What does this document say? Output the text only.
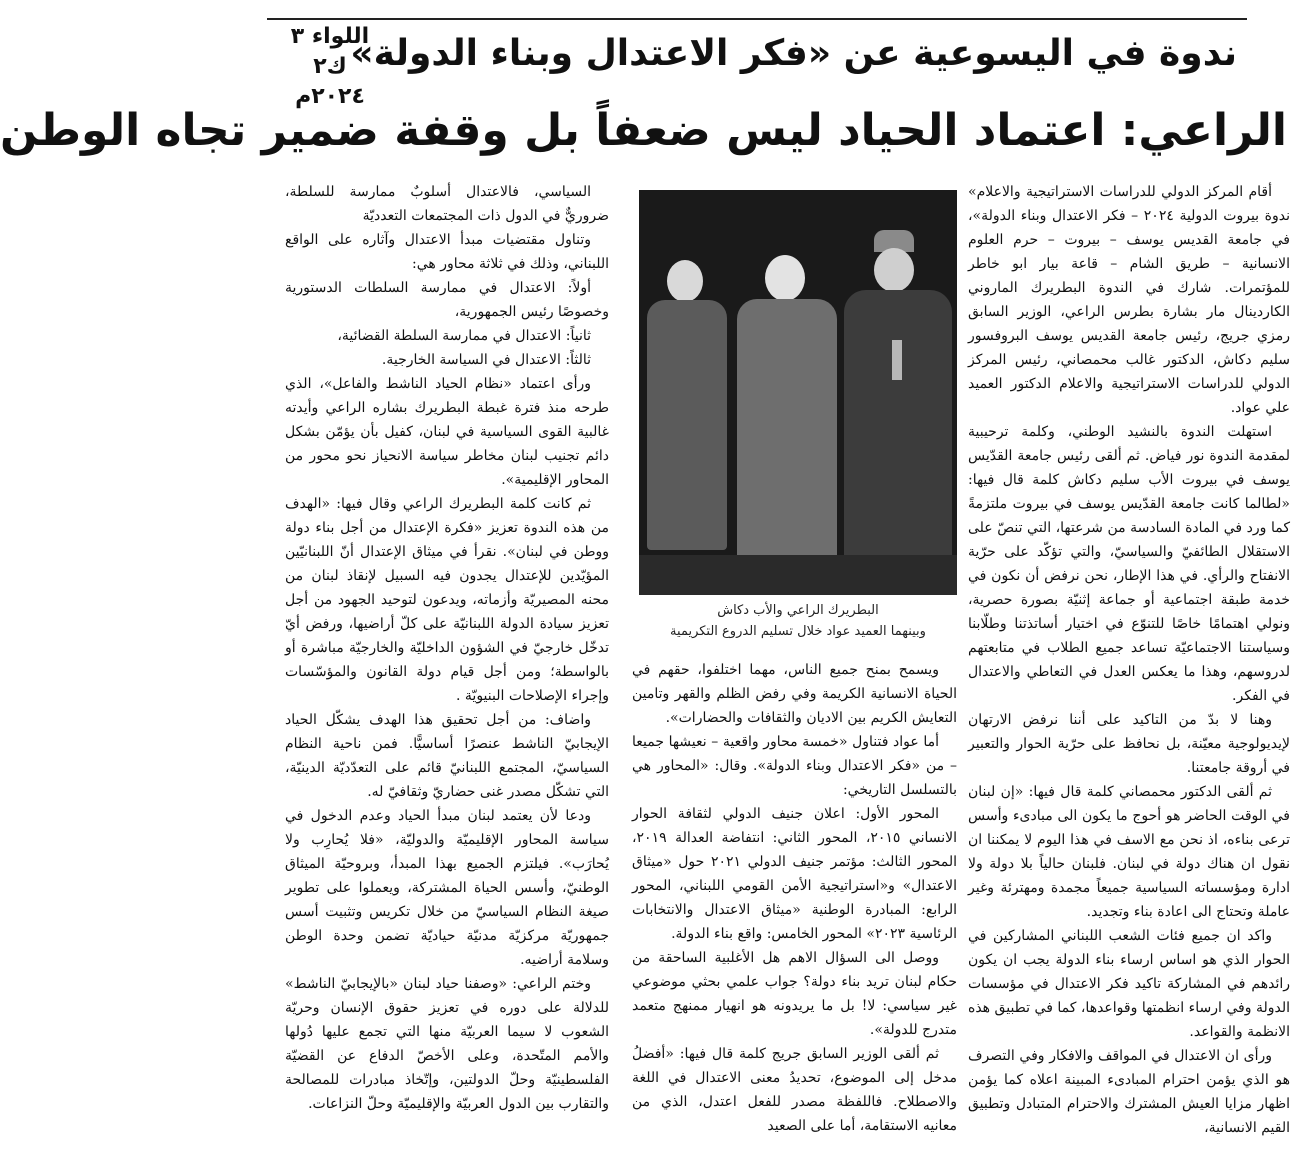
اللواء ٣ ك٢
٢٠٢٤م
ندوة في اليسوعية عن «فكر الاعتدال وبناء الدولة»
الراعي: اعتماد الحياد ليس ضعفاً بل وقفة ضمير تجاه الوطن

أقام المركز الدولي للدراسات الاستراتيجية والاعلام» ندوة بيروت الدولية ٢٠٢٤ – فكر الاعتدال وبناء الدولة»، في جامعة القديس يوسف – بيروت – حرم العلوم الانسانية – طريق الشام – قاعة بيار ابو خاطر للمؤتمرات. شارك في الندوة البطريرك الماروني الكاردينال مار بشارة بطرس الراعي، الوزير السابق رمزي جريج، رئيس جامعة القديس يوسف البروفسور سليم دكاش، الدكتور غالب محمصاني، رئيس المركز الدولي للدراسات الاستراتيجية والاعلام الدكتور العميد علي عواد.

استهلت الندوة بالنشيد الوطني، وكلمة ترحيبية لمقدمة الندوة نور فياض. ثم ألقى رئيس جامعة القدّيس يوسف في بيروت الأب سليم دكاش كلمة قال فيها: «لطالما كانت جامعة القدّيس يوسف في بيروت ملتزمةً كما ورد في المادة السادسة من شرعتها، التي تنصّ على الاستقلال الطائفيّ والسياسيّ، والتي تؤكّد على حرّية الانفتاح والرأي. في هذا الإطار، نحن نرفض أن نكون في خدمة طبقة اجتماعية أو جماعة إثنيّة بصورة حصرية، ونولي اهتمامًا خاصًا للتنوّع في اختيار أساتذتنا وطلّابنا وسياستنا الاجتماعيّة تساعد جميع الطلاب في متابعتهم لدروسهم، وهذا ما يعكس العدل في التعاطي والاعتدال في الفكر.

وهنا لا بدّ من التاكيد على أننا نرفض الارتهان لإيديولوجية معيّنة، بل نحافظ على حرّية الحوار والتعبير في أروقة جامعتنا.

ثم ألقى الدكتور محمصاني كلمة قال فيها: «إن لبنان في الوقت الحاضر هو أحوج ما يكون الى مبادىء وأسس ترعى بناءه، اذ نحن مع الاسف في هذا اليوم لا يمكننا ان نقول ان هناك دولة في لبنان. فلبنان حالياً بلا دولة ولا ادارة ومؤسساته السياسية جميعاً مجمدة ومهترئة وغير عاملة وتحتاج الى اعادة بناء وتجديد.

واكد ان جميع فئات الشعب اللبناني المشاركين في الحوار الذي هو اساس ارساء بناء الدولة يجب ان يكون رائدهم في المشاركة تاكيد فكر الاعتدال في مؤسسات الدولة وفي ارساء انظمتها وقواعدها، كما في تطبيق هذه الانظمة والقواعد.

ورأى ان الاعتدال في المواقف والافكار وفي التصرف هو الذي يؤمن احترام المبادىء المبينة اعلاه كما يؤمن اظهار مزايا العيش المشترك والاحترام المتبادل وتطبيق القيم الانسانية،

البطريرك الراعي والأب دكاش
وبينهما العميد عواد خلال تسليم الدروع التكريمية

ويسمح بمنح جميع الناس، مهما اختلفوا، حقهم في الحياة الانسانية الكريمة وفي رفض الظلم والقهر وتامين التعايش الكريم بين الاديان والثقافات والحضارات».

أما عواد فتناول «خمسة محاور واقعية – نعيشها جميعا – من «فكر الاعتدال وبناء الدولة». وقال: «المحاور هي بالتسلسل التاريخي:

المحور الأول: اعلان جنيف الدولي لثقافة الحوار الانساني ٢٠١٥، المحور الثاني: انتفاضة العدالة ٢٠١٩، المحور الثالث: مؤتمر جنيف الدولي ٢٠٢١ حول «ميثاق الاعتدال» و«استراتيجية الأمن القومي اللبناني، المحور الرابع: المبادرة الوطنية «ميثاق الاعتدال والانتخابات الرئاسية ٢٠٢٣» المحور الخامس: واقع بناء الدولة.

ووصل الى السؤال الاهم هل الأغلبية الساحقة من حكام لبنان تريد بناء دولة؟ جواب علمي بحثي موضوعي غير سياسي: لا! بل ما يريدونه هو انهيار ممنهج متعمد متدرج للدولة».

ثم ألقى الوزير السابق جريج كلمة قال فيها: «أفضلُ مدخل إلى الموضوع، تحديدُ معنى الاعتدال في اللغة والاصطلاح. فاللفظة مصدر للفعل اعتدل، الذي من معانيه الاستقامة، أما على الصعيد

السياسي، فالاعتدال أسلوبٌ ممارسة للسلطة، ضروريٌّ في الدول ذات المجتمعات التعدديّة

وتناول مقتضيات مبدأ الاعتدال وآثاره على الواقع اللبناني، وذلك في ثلاثة محاور هي:

أولاً: الاعتدال في ممارسة السلطات الدستورية وخصوصًا رئيس الجمهورية،

ثانياً: الاعتدال في ممارسة السلطة القضائية،

ثالثاً: الاعتدال في السياسة الخارجية.

ورأى اعتماد «نظام الحياد الناشط والفاعل»، الذي طرحه منذ فترة غبطة البطريرك بشاره الراعي وأيدته غالبية القوى السياسية في لبنان، كفيل بأن يؤمّن بشكل دائم تجنيب لبنان مخاطر سياسة الانحياز نحو محور من المحاور الإقليمية».

ثم كانت كلمة البطريرك الراعي وقال فيها: «الهدف من هذه الندوة تعزيز «فكرة الإعتدال من أجل بناء دولة ووطن في لبنان». نقرأ في ميثاق الإعتدال أنّ اللبنانيّين المؤيّدين للإعتدال يجدون فيه السبيل لإنقاذ لبنان من محنه المصيريّة وأزماته، ويدعون لتوحيد الجهود من أجل تعزيز سيادة الدولة اللبنانيّة على كلّ أراضيها، ورفض أيّ تدخّل خارجيّ في الشؤون الداخليّة والخارجيّة مباشرة أو بالواسطة؛ ومن أجل قيام دولة القانون والمؤسّسات وإجراء الإصلاحات البنيويّة .

واضاف: من أجل تحقيق هذا الهدف يشكّل الحياد الإيجابيّ الناشط عنصرًا أساسيًّا. فمن ناحية النظام السياسيّ، المجتمع اللبنانيّ قائم على التعدّديّة الدينيّة، التي تشكّل مصدر غنى حضاريّ وثقافيّ له.

ودعا لأن يعتمد لبنان مبدأ الحياد وعدم الدخول في سياسة المحاور الإقليميّة والدوليّة، «فلا يُحارِب ولا يُحارَب». فيلتزم الجميع بهذا المبدأ، وبروحيّة الميثاق الوطنيّ، وأسس الحياة المشتركة، ويعملوا على تطوير صيغة النظام السياسيّ من خلال تكريس وتثبيت أسس جمهوريّة مركزيّة مدنيّة حياديّة تضمن وحدة الوطن وسلامة أراضيه.

وختم الراعي: «وصفنا حياد لبنان «بالإيجابيّ الناشط» للدلالة على دوره في تعزيز حقوق الإنسان وحريّة الشعوب لا سيما العربيّة منها التي تجمع عليها دُولها والأمم المتّحدة، وعلى الأخصّ الدفاع عن القضيّة الفلسطينيّة وحلّ الدولتين، وإتّخاذ مبادرات للمصالحة والتقارب بين الدول العربيّة والإقليميّة وحلّ النزاعات.
